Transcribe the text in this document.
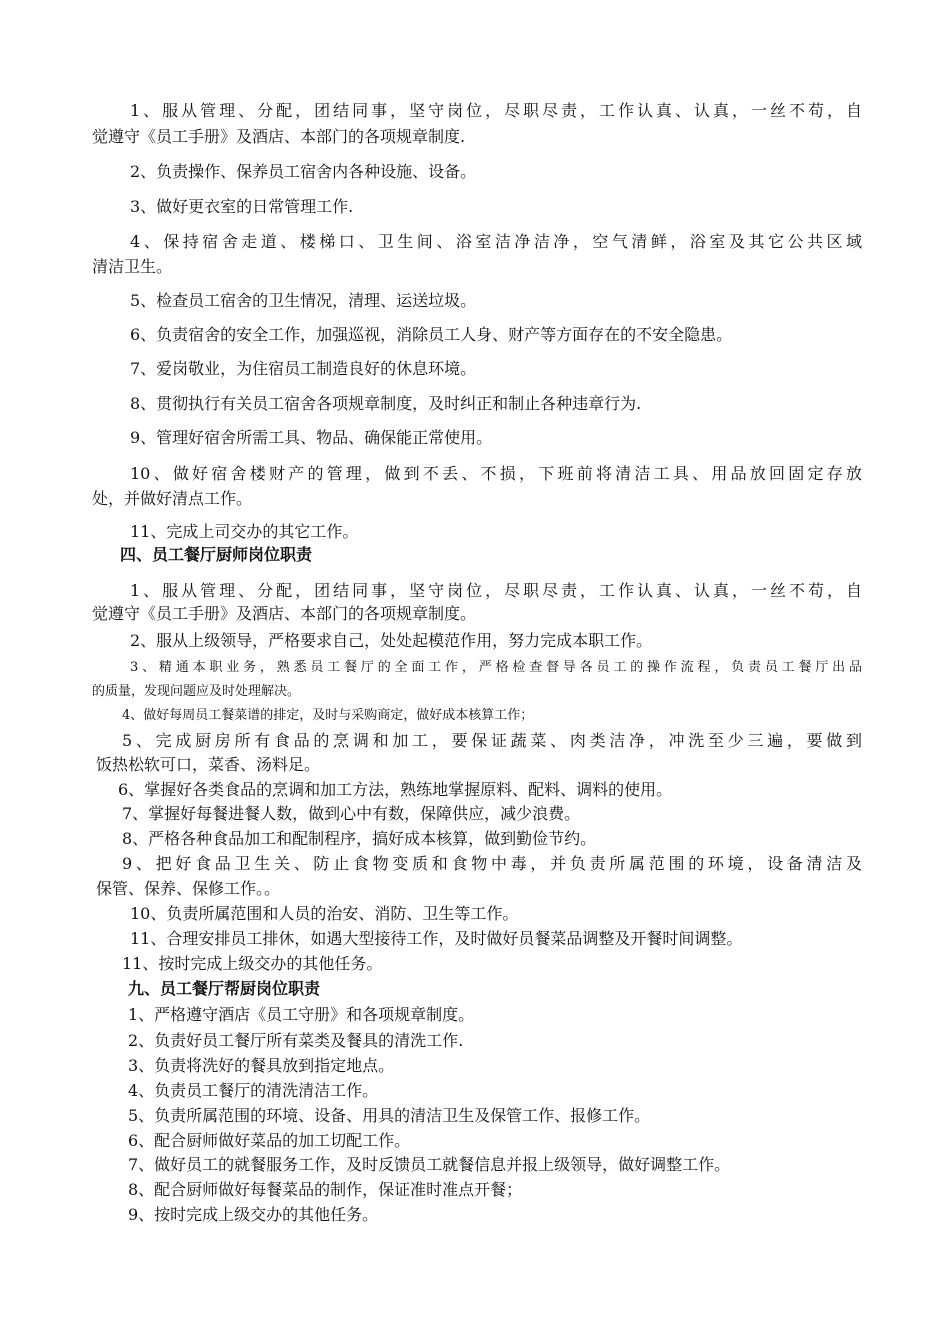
1、服从管理、分配，团结同事，坚守岗位，尽职尽责，工作认真、认真，一丝不苟，自
觉遵守《员工手册》及酒店、本部门的各项规章制度.
2、负责操作、保养员工宿舍内各种设施、设备。
3、做好更衣室的日常管理工作.
4、保持宿舍走道、楼梯口、卫生间、浴室洁净洁净，空气清鲜，浴室及其它公共区域
清洁卫生。
5、检查员工宿舍的卫生情况，清理、运送垃圾。
6、负责宿舍的安全工作，加强巡视，消除员工人身、财产等方面存在的不安全隐患。
7、爱岗敬业，为住宿员工制造良好的休息环境。
8、贯彻执行有关员工宿舍各项规章制度，及时纠正和制止各种违章行为.
9、管理好宿舍所需工具、物品、确保能正常使用。
10、做好宿舍楼财产的管理，做到不丢、不损，下班前将清洁工具、用品放回固定存放
处，并做好清点工作。
11、完成上司交办的其它工作。
四、员工餐厅厨师岗位职责
1、服从管理、分配，团结同事，坚守岗位，尽职尽责，工作认真、认真，一丝不苟，自
觉遵守《员工手册》及酒店、本部门的各项规章制度。
2、服从上级领导，严格要求自己，处处起模范作用，努力完成本职工作。
3、精通本职业务，熟悉员工餐厅的全面工作，严格检查督导各员工的操作流程，负责员工餐厅出品
的质量，发现问题应及时处理解决。
4、做好每周员工餐菜谱的排定，及时与采购商定，做好成本核算工作；
5、完成厨房所有食品的烹调和加工，要保证蔬菜、肉类洁净，冲洗至少三遍，要做到
饭热松软可口，菜香、汤料足。
6、掌握好各类食品的烹调和加工方法，熟练地掌握原料、配料、调料的使用。
7、掌握好每餐进餐人数，做到心中有数，保障供应，减少浪费。
8、严格各种食品加工和配制程序，搞好成本核算，做到勤俭节约。
9、把好食品卫生关、防止食物变质和食物中毒，并负责所属范围的环境，设备清洁及
保管、保养、保修工作。。
10、负责所属范围和人员的治安、消防、卫生等工作。
11、合理安排员工排休，如遇大型接待工作，及时做好员餐菜品调整及开餐时间调整。
11、按时完成上级交办的其他任务。
九、员工餐厅帮厨岗位职责
1、严格遵守酒店《员工守册》和各项规章制度。
2、负责好员工餐厅所有菜类及餐具的清洗工作.
3、负责将洗好的餐具放到指定地点。
4、负责员工餐厅的清洗清洁工作。
5、负责所属范围的环境、设备、用具的清洁卫生及保管工作、报修工作。
6、配合厨师做好菜品的加工切配工作。
7、做好员工的就餐服务工作，及时反馈员工就餐信息并报上级领导，做好调整工作。
8、配合厨师做好每餐菜品的制作，保证准时准点开餐；
9、按时完成上级交办的其他任务。
